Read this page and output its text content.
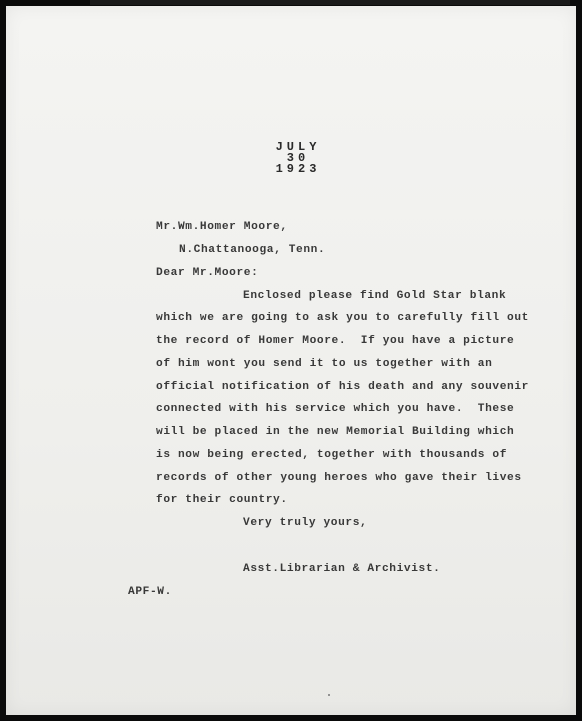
JULY
30
1923
Mr.Wm.Homer Moore,
N.Chattanooga, Tenn.
Dear Mr.Moore:
Enclosed please find Gold Star blank
which we are going to ask you to carefully fill out
the record of Homer Moore.  If you have a picture
of him wont you send it to us together with an
official notification of his death and any souvenir
connected with his service which you have.  These
will be placed in the new Memorial Building which
is now being erected, together with thousands of
records of other young heroes who gave their lives
for their country.
Very truly yours,
Asst.Librarian & Archivist.
APF-W.
